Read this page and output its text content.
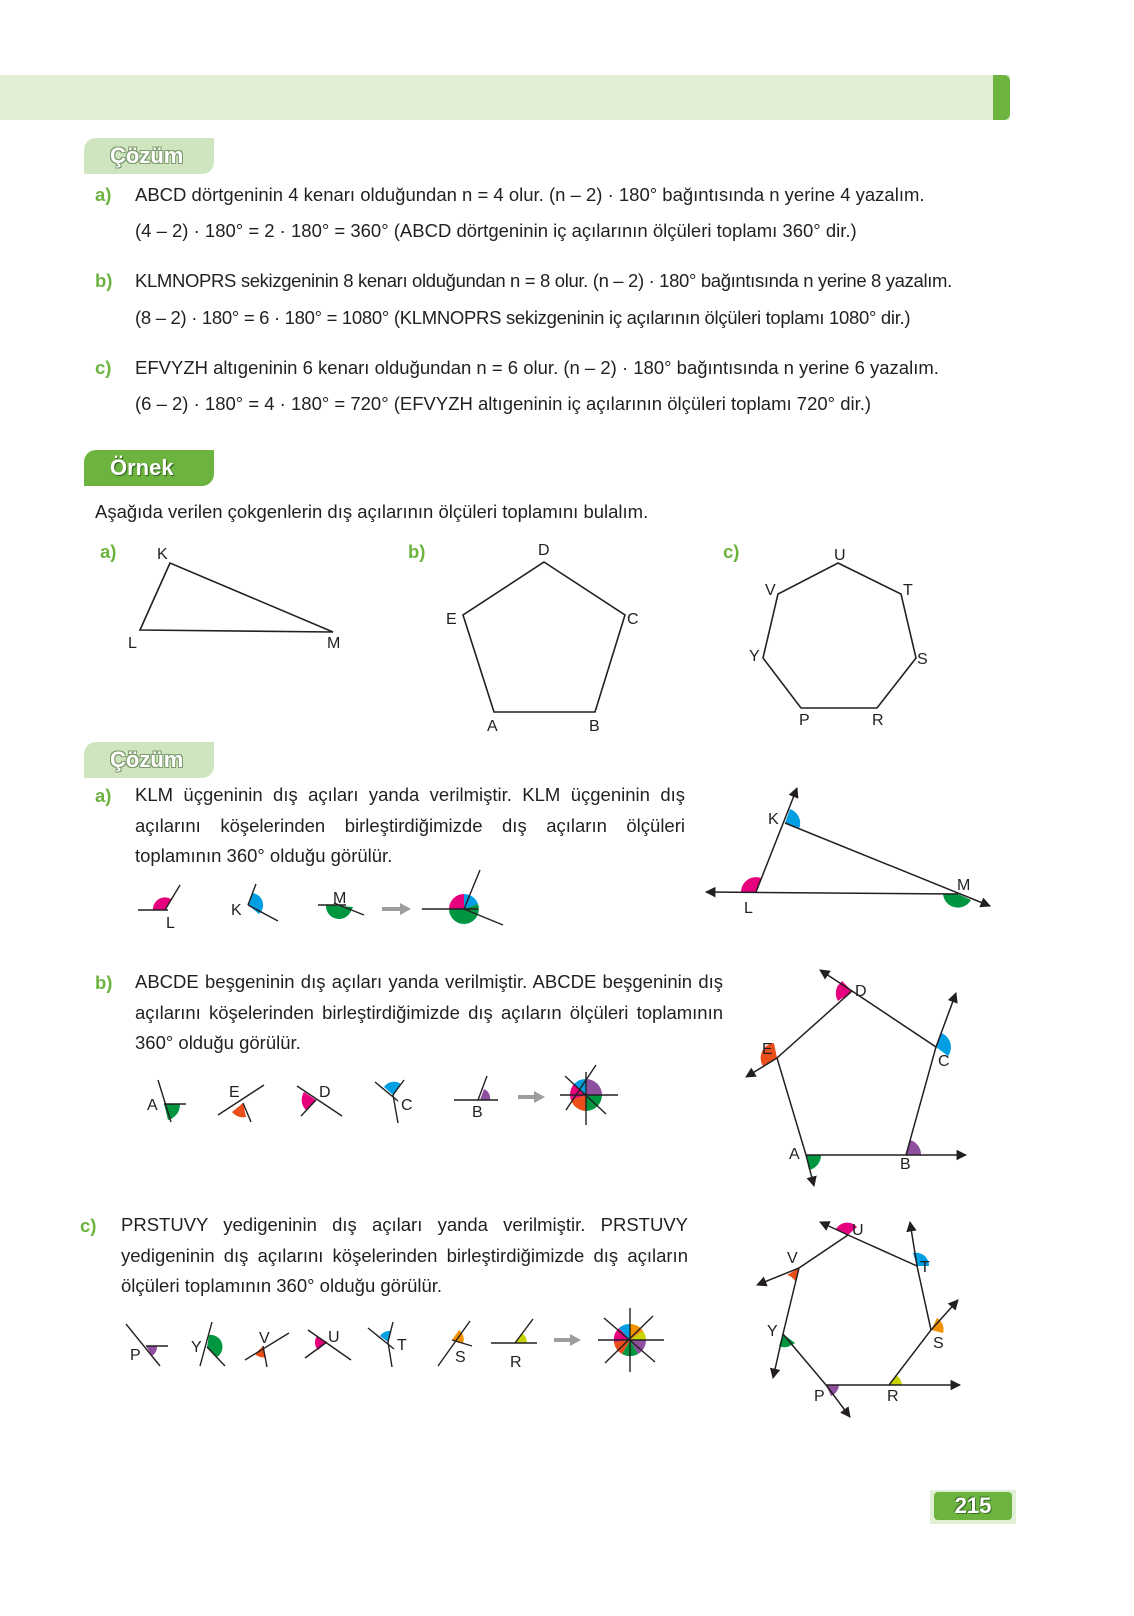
Çözüm
a) ABCD dörtgeninin 4 kenarı olduğundan n = 4 olur. (n – 2) · 180° bağıntısında n yerine 4 yazalım.
(4 – 2) · 180° = 2 · 180° = 360° (ABCD dörtgeninin iç açılarının ölçüleri toplamı 360° dir.)
b) KLMNOPRS sekizgeninin 8 kenarı olduğundan n = 8 olur. (n – 2) · 180° bağıntısında n yerine 8 yazalım.
(8 – 2) · 180° = 6 · 180° = 1080° (KLMNOPRS sekizgeninin iç açılarının ölçüleri toplamı 1080° dir.)
c) EFVYZH altıgeninin 6 kenarı olduğundan n = 6 olur. (n – 2) · 180° bağıntısında n yerine 6 yazalım.
(6 – 2) · 180° = 4 · 180° = 720° (EFVYZH altıgeninin iç açılarının ölçüleri toplamı 720° dir.)
Örnek
Aşağıda verilen çokgenlerin dış açılarının ölçüleri toplamını bulalım.
Çözüm
a) KLM üçgeninin dış açıları yanda verilmiştir. KLM üçgeninin dış açılarını köşelerinden birleştirdiğimizde dış açıların ölçüleri toplamının 360° olduğu görülür.
b) ABCDE beşgeninin dış açıları yanda verilmiştir. ABCDE beşgeninin dış açılarını köşelerinden birleştirdiğimizde dış açıların ölçüleri toplamının 360° olduğu görülür.
c) PRSTUVY yedigeninin dış açıları yanda verilmiştir. PRSTUVY yedigeninin dış açılarını köşelerinden birleştirdiğimizde dış açıların ölçüleri toplamının 360° olduğu görülür.
a)	K
L	M
b)	D
E	C
A	B
c)	U
V	T
Y	S
P	R
L
K
M
K
L
M
A
E	D
C	B
D
E
C
A
B
P	Y
V	U	T
S	R
U
V
T
Y
S
P	R
215
